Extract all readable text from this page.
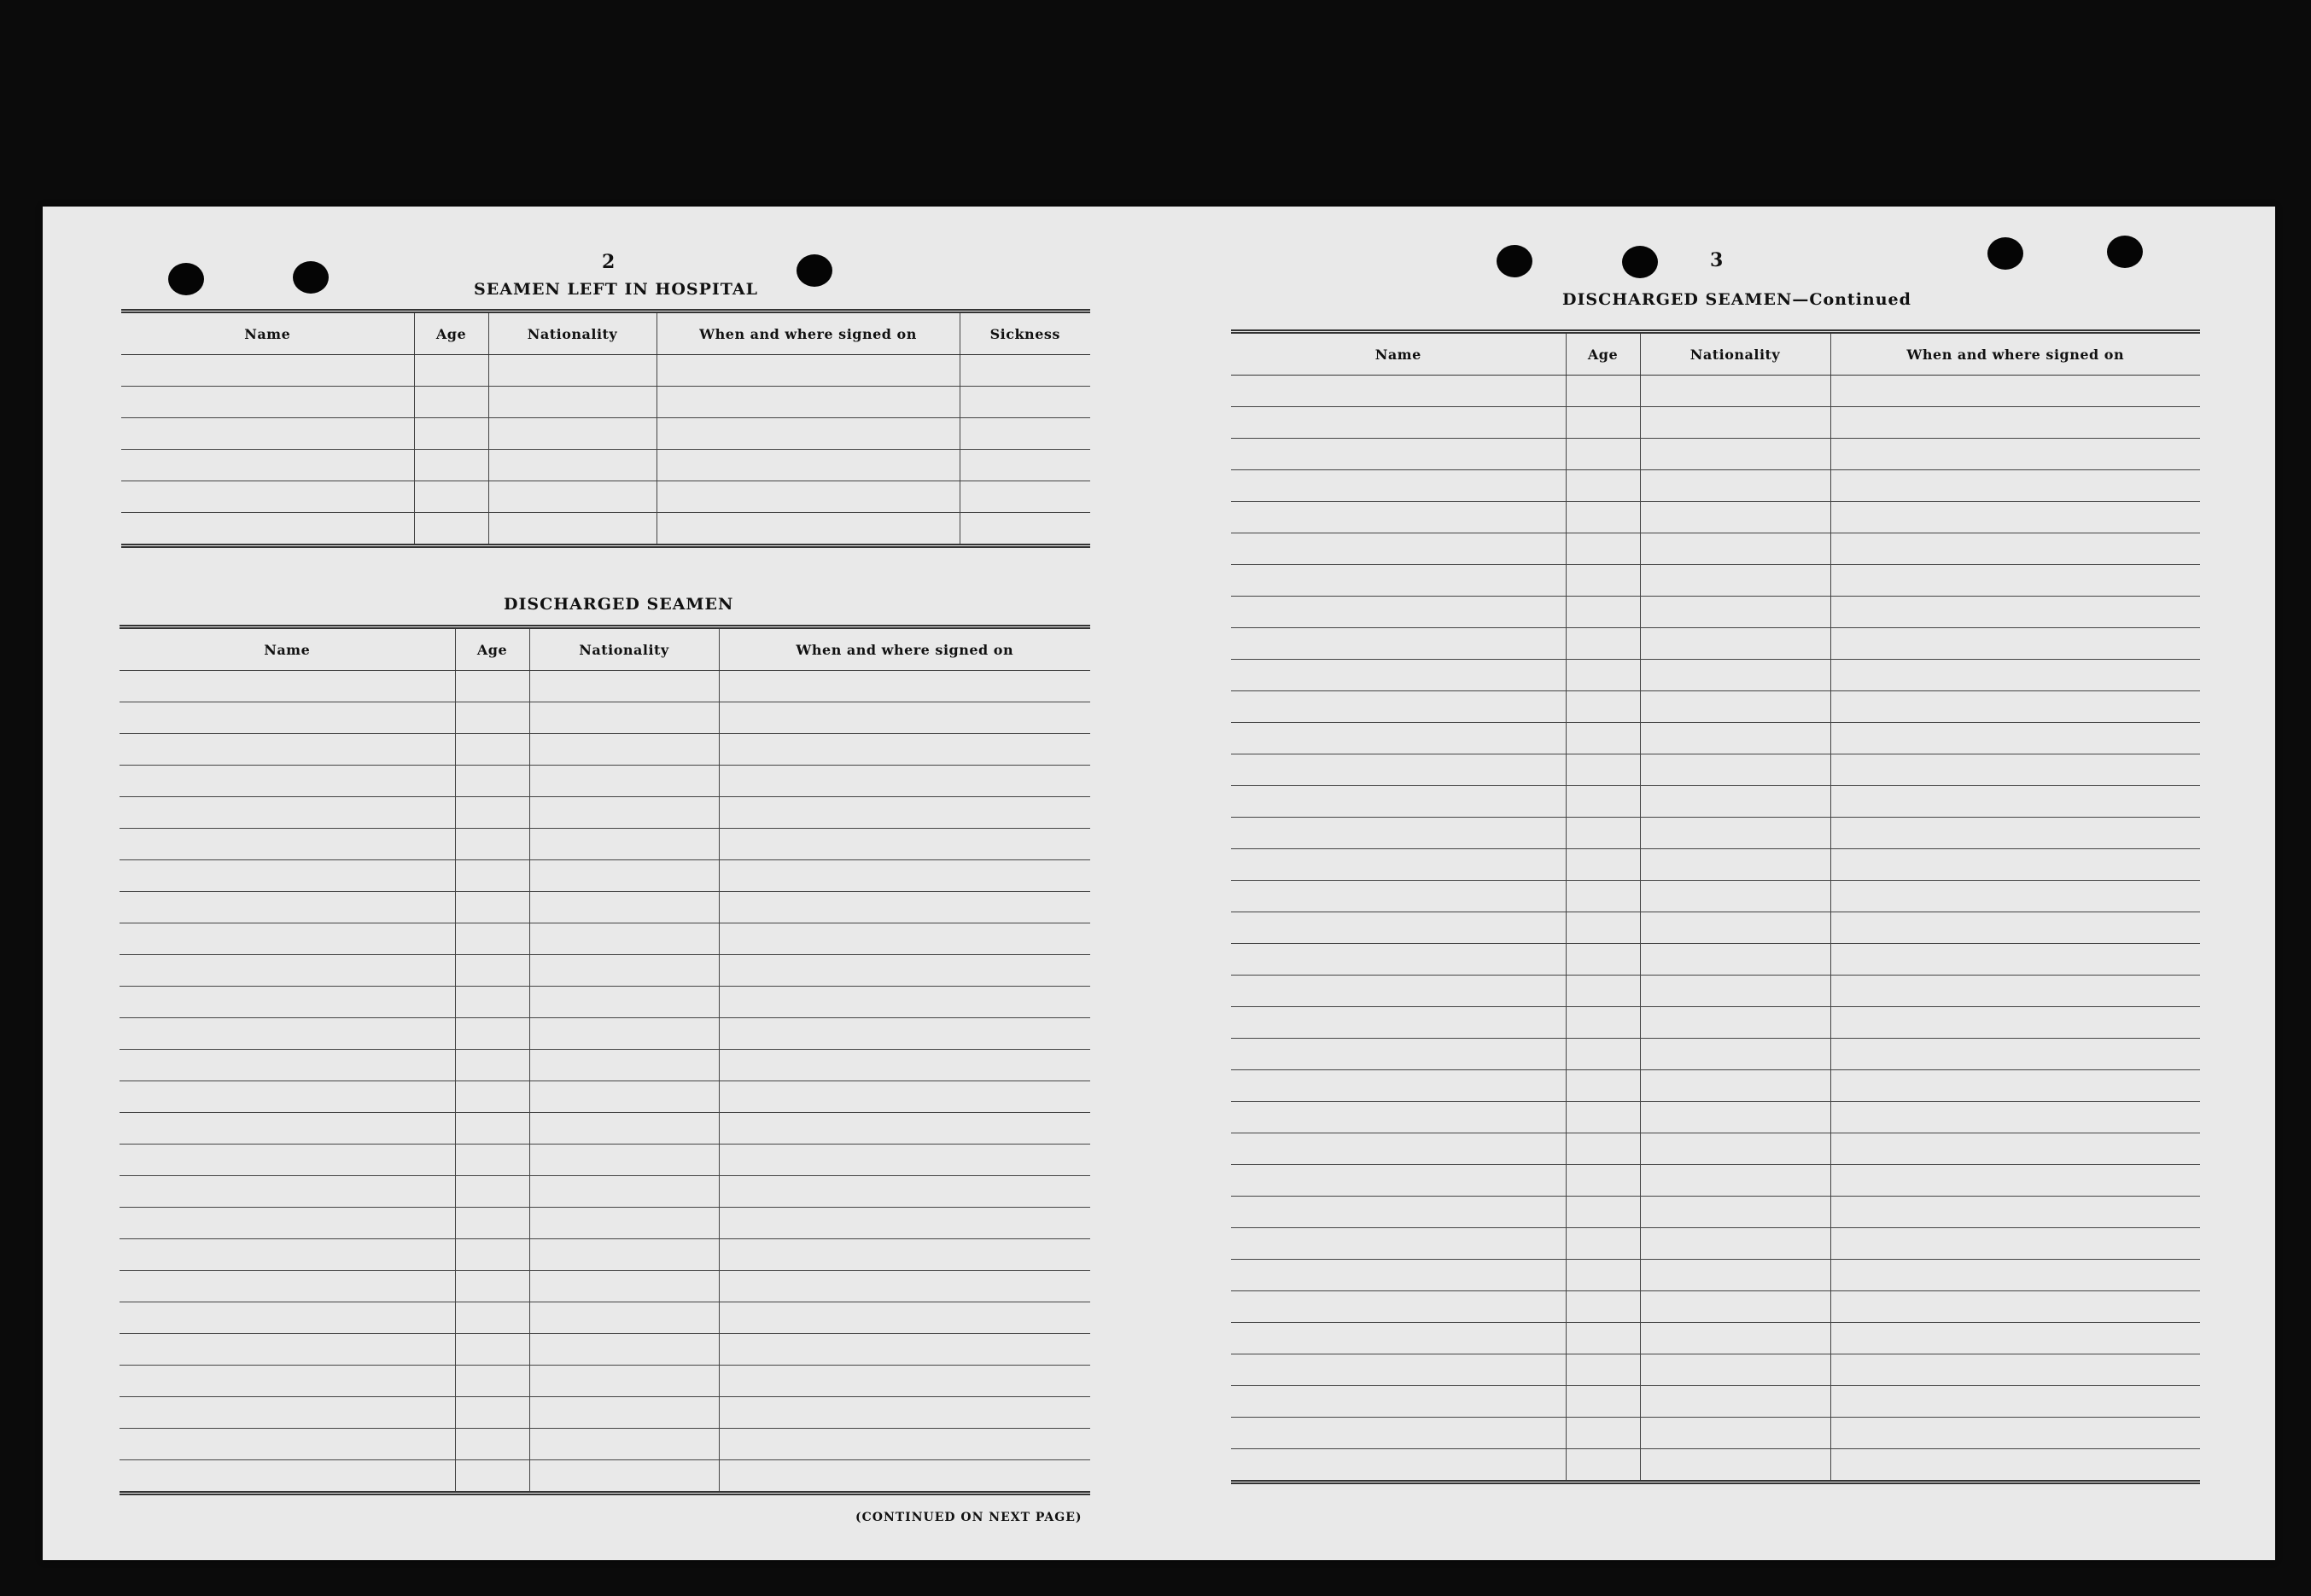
2
SEAMEN LEFT IN HOSPITAL
Name	Age	Nationality	When and where signed on	Sickness

DISCHARGED SEAMEN
Name	Age	Nationality	When and where signed on

(CONTINUED ON NEXT PAGE)
3
DISCHARGED SEAMEN—Continued
Name	Age	Nationality	When and where signed on
